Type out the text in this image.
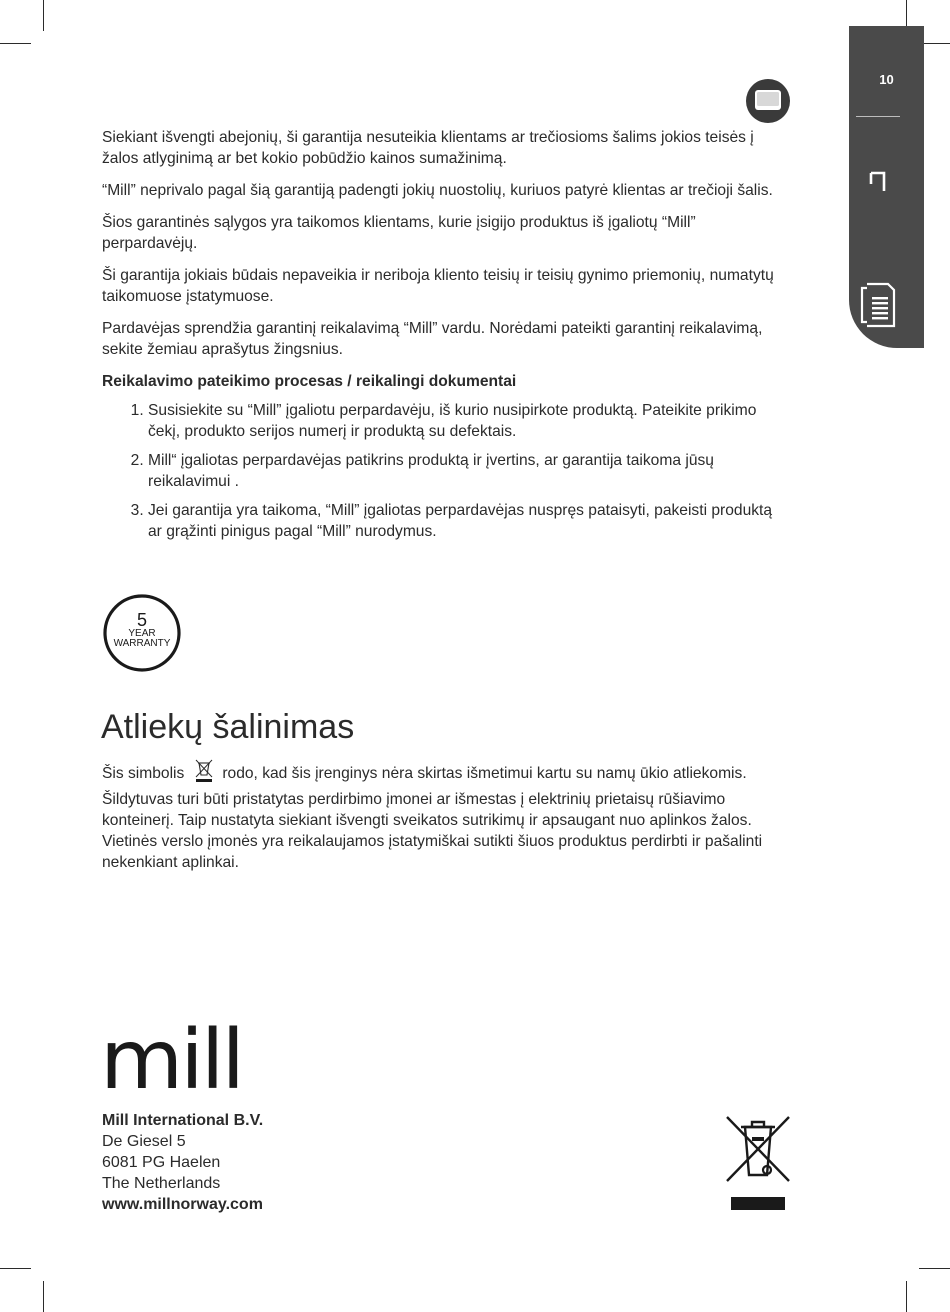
10

Siekiant išvengti abejonių, ši garantija nesuteikia klientams ar trečiosioms šalims jokios teisės į žalos atlyginimą ar bet kokio pobūdžio kainos sumažinimą.

“Mill” neprivalo pagal šią garantiją padengti jokių nuostolių, kuriuos patyrė klientas ar trečioji šalis.

Šios garantinės sąlygos yra taikomos klientams, kurie įsigijo produktus iš įgaliotų “Mill” perpardavėjų.

Ši garantija jokiais būdais nepaveikia ir neriboja kliento teisių ir teisių gynimo priemonių, numatytų taikomuose įstatymuose.

Pardavėjas sprendžia garantinį reikalavimą “Mill” vardu. Norėdami pateikti garantinį reikalavimą, sekite žemiau aprašytus žingsnius.

Reikalavimo pateikimo procesas / reikalingi dokumentai
1. Susisiekite su “Mill” įgaliotu perpardavėju, iš kurio nusipirkote produktą. Pateikite prikimo čekį, produkto serijos numerį ir produktą su defektais.
2. Mill“ įgaliotas perpardavėjas patikrins produktą ir įvertins, ar garantija taikoma jūsų reikalavimui .
3. Jei garantija yra taikoma, “Mill” įgaliotas perpardavėjas nuspręs pataisyti, pakeisti produktą ar grąžinti pinigus pagal “Mill” nurodymus.
5
YEAR
WARRANTY
Atliekų šalinimas

Šis simbolis rodo, kad šis įrenginys nėra skirtas išmetimui kartu su namų ūkio atliekomis. Šildytuvas turi būti pristatytas perdirbimo įmonei ar išmestas į elektrinių prietaisų rūšiavimo konteinerį. Taip nustatyta siekiant išvengti sveikatos sutrikimų ir apsaugant nuo aplinkos žalos. Vietinės verslo įmonės yra reikalaujamos įstatymiškai sutikti šiuos produktus perdirbti ir pašalinti nekenkiant aplinkai.

mill
Mill International B.V.
De Giesel 5
6081 PG Haelen
The Netherlands
www.millnorway.com
